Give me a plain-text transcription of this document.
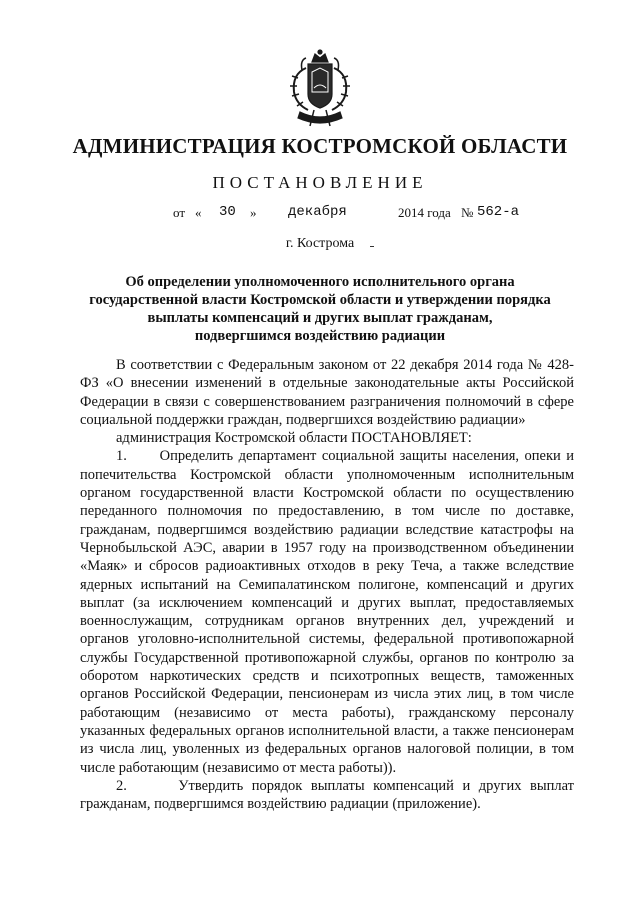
АДМИНИСТРАЦИЯ КОСТРОМСКОЙ ОБЛАСТИ
ПОСТАНОВЛЕНИЕ
от « 30 » декабря	2014 года № 562-а
г. Кострома
Об определении уполномоченного исполнительного органа
государственной власти Костромской области и утверждении порядка
выплаты компенсаций и других выплат гражданам,
подвергшимся воздействию радиации

В соответствии с Федеральным законом от 22 декабря 2014 года № 428-ФЗ «О внесении изменений в отдельные законодательные акты Российской Федерации в связи с совершенствованием разграничения полномочий в сфере социальной поддержки граждан, подвергшихся воздействию радиации»

администрация Костромской области ПОСТАНОВЛЯЕТ:

1.      Определить департамент социальной защиты населения, опеки и попечительства Костромской области уполномоченным исполнительным органом государственной власти Костромской области по осуществлению переданного полномочия по предоставлению, в том числе по доставке, гражданам, подвергшимся воздействию радиации вследствие катастрофы на Чернобыльской АЭС, аварии в 1957 году на производственном объединении «Маяк» и сбросов радиоактивных отходов в реку Теча, а также вследствие ядерных испытаний на Семипалатинском полигоне, компенсаций и других выплат (за исключением компенсаций и других выплат, предоставляемых военнослужащим, сотрудникам органов внутренних дел, учреждений и органов уголовно-исполнительной системы, федеральной противопожарной службы Государственной противопожарной службы, органов по контролю за оборотом наркотических средств и психотропных веществ, таможенных органов Российской Федерации, пенсионерам из числа этих лиц, в том числе работающим (независимо от места работы), гражданскому персоналу указанных федеральных органов исполнительной власти, а также пенсионерам из числа лиц, уволенных из федеральных органов налоговой полиции, в том числе работающим (независимо от места работы)).

2.      Утвердить порядок выплаты компенсаций и других выплат гражданам, подвергшимся воздействию радиации (приложение).
